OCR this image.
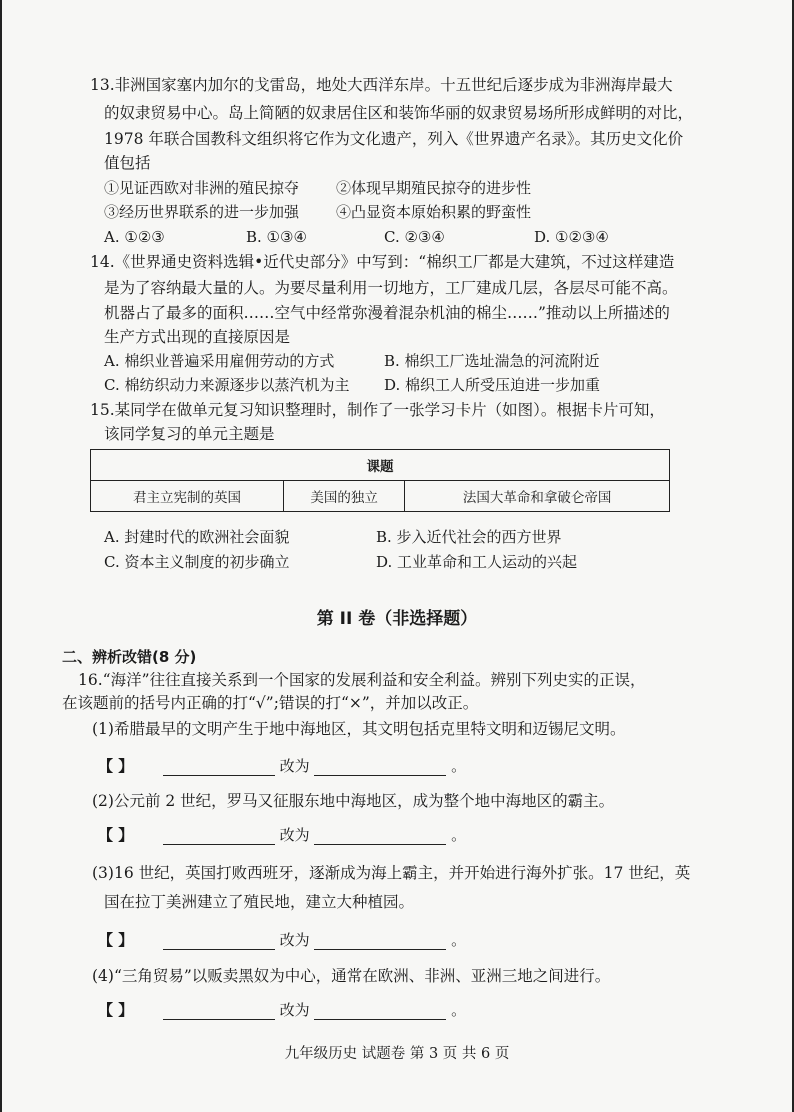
13.非洲国家塞内加尔的戈雷岛，地处大西洋东岸。十五世纪后逐步成为非洲海岸最大
的奴隶贸易中心。岛上简陋的奴隶居住区和装饰华丽的奴隶贸易场所形成鲜明的对比，
1978 年联合国教科文组织将它作为文化遗产，列入《世界遗产名录》。其历史文化价
值包括
①见证西欧对非洲的殖民掠夺 ②体现早期殖民掠夺的进步性
③经历世界联系的进一步加强 ④凸显资本原始积累的野蛮性
A. ①②③	B. ①③④	C. ②③④	D. ①②③④
14.《世界通史资料选辑•近代史部分》中写到：“棉织工厂都是大建筑，不过这样建造
是为了容纳最大量的人。为要尽量利用一切地方，工厂建成几层，各层尽可能不高。
机器占了最多的面积……空气中经常弥漫着混杂机油的棉尘……”推动以上所描述的
生产方式出现的直接原因是
A. 棉织业普遍采用雇佣劳动的方式	B. 棉织工厂选址湍急的河流附近
C. 棉纺织动力来源逐步以蒸汽机为主 D. 棉织工人所受压迫进一步加重
15.某同学在做单元复习知识整理时，制作了一张学习卡片（如图）。根据卡片可知，
该同学复习的单元主题是
课题
君主立宪制的英国	美国的独立	法国大革命和拿破仑帝国
A. 封建时代的欧洲社会面貌	B. 步入近代社会的西方世界
C. 资本主义制度的初步确立	D. 工业革命和工人运动的兴起
第 II 卷（非选择题）
二、辨析改错(8 分)
16.“海洋”往往直接关系到一个国家的发展利益和安全利益。辨别下列史实的正误，
在该题前的括号内正确的打“√”;错误的打“×”，并加以改正。
(1)希腊最早的文明产生于地中海地区，其文明包括克里特文明和迈锡尼文明。
【 】	改为	。
(2)公元前 2 世纪，罗马又征服东地中海地区，成为整个地中海地区的霸主。
【 】	改为	。
(3)16 世纪，英国打败西班牙，逐渐成为海上霸主，并开始进行海外扩张。17 世纪，英
国在拉丁美洲建立了殖民地，建立大种植园。
【 】	改为	。
(4)“三角贸易”以贩卖黑奴为中心，通常在欧洲、非洲、亚洲三地之间进行。
【 】	改为	。
九年级历史 试题卷 第 3 页 共 6 页
